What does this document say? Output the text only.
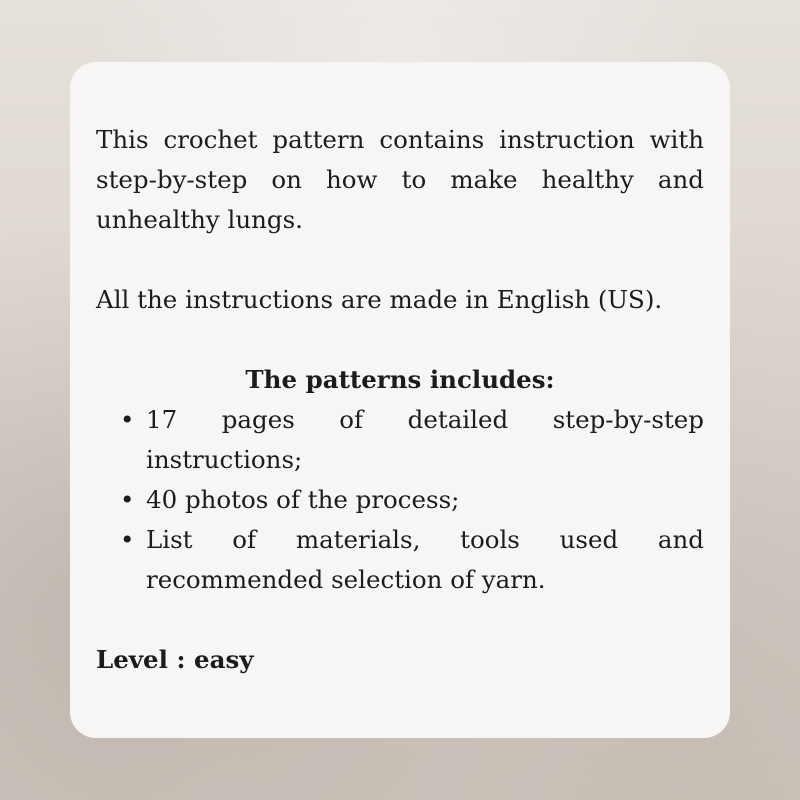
This crochet pattern contains instruction with step-by-step on how to make healthy and unhealthy lungs.

All the instructions are made in English (US).

The patterns includes:

• 17 pages of detailed step-by-step instructions;
• 40 photos of the process;
• List of materials, tools used and recommended selection of yarn.

Level : easy
